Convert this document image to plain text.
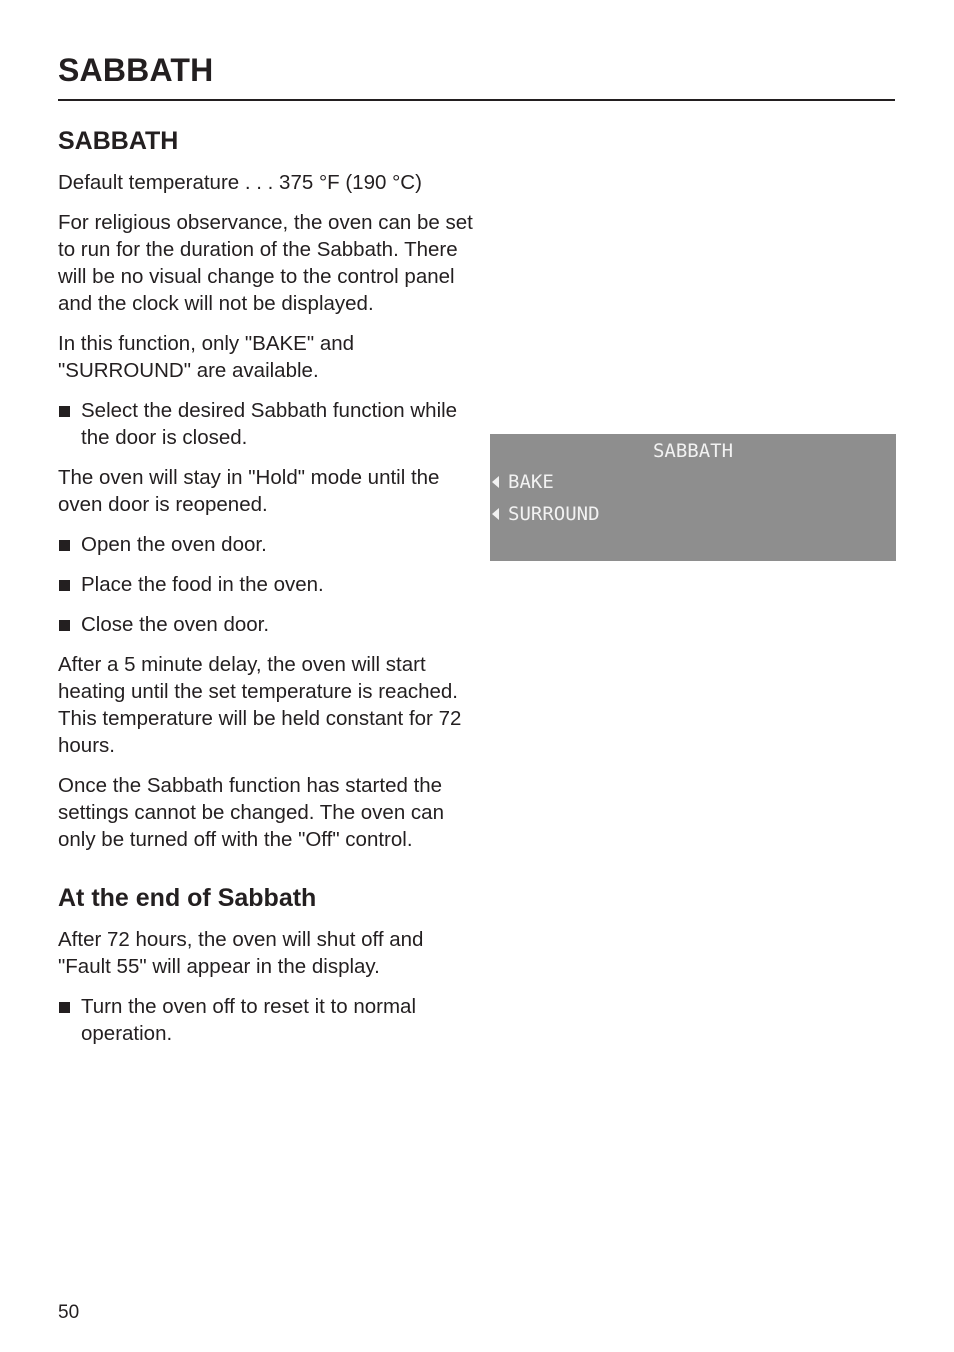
SABBATH
SABBATH

Default temperature . . . 375 °F (190 °C)

For religious observance, the oven can be set to run for the duration of the Sabbath. There will be no visual change to the control panel and the clock will not be displayed.

In this function, only "BAKE" and "SURROUND" are available.

Select the desired Sabbath function while the door is closed.

The oven will stay in "Hold" mode until the oven door is reopened.

Open the oven door.
Place the food in the oven.
Close the oven door.

After a 5 minute delay, the oven will start heating until the set temperature is reached. This temperature will be held constant for 72 hours.

Once the Sabbath function has started the settings cannot be changed. The oven can only be turned off with the "Off" control.

At the end of Sabbath

After 72 hours, the oven will shut off and "Fault 55" will appear in the display.

Turn the oven off to reset it to normal operation.
SABBATH
BAKE
SURROUND
50
